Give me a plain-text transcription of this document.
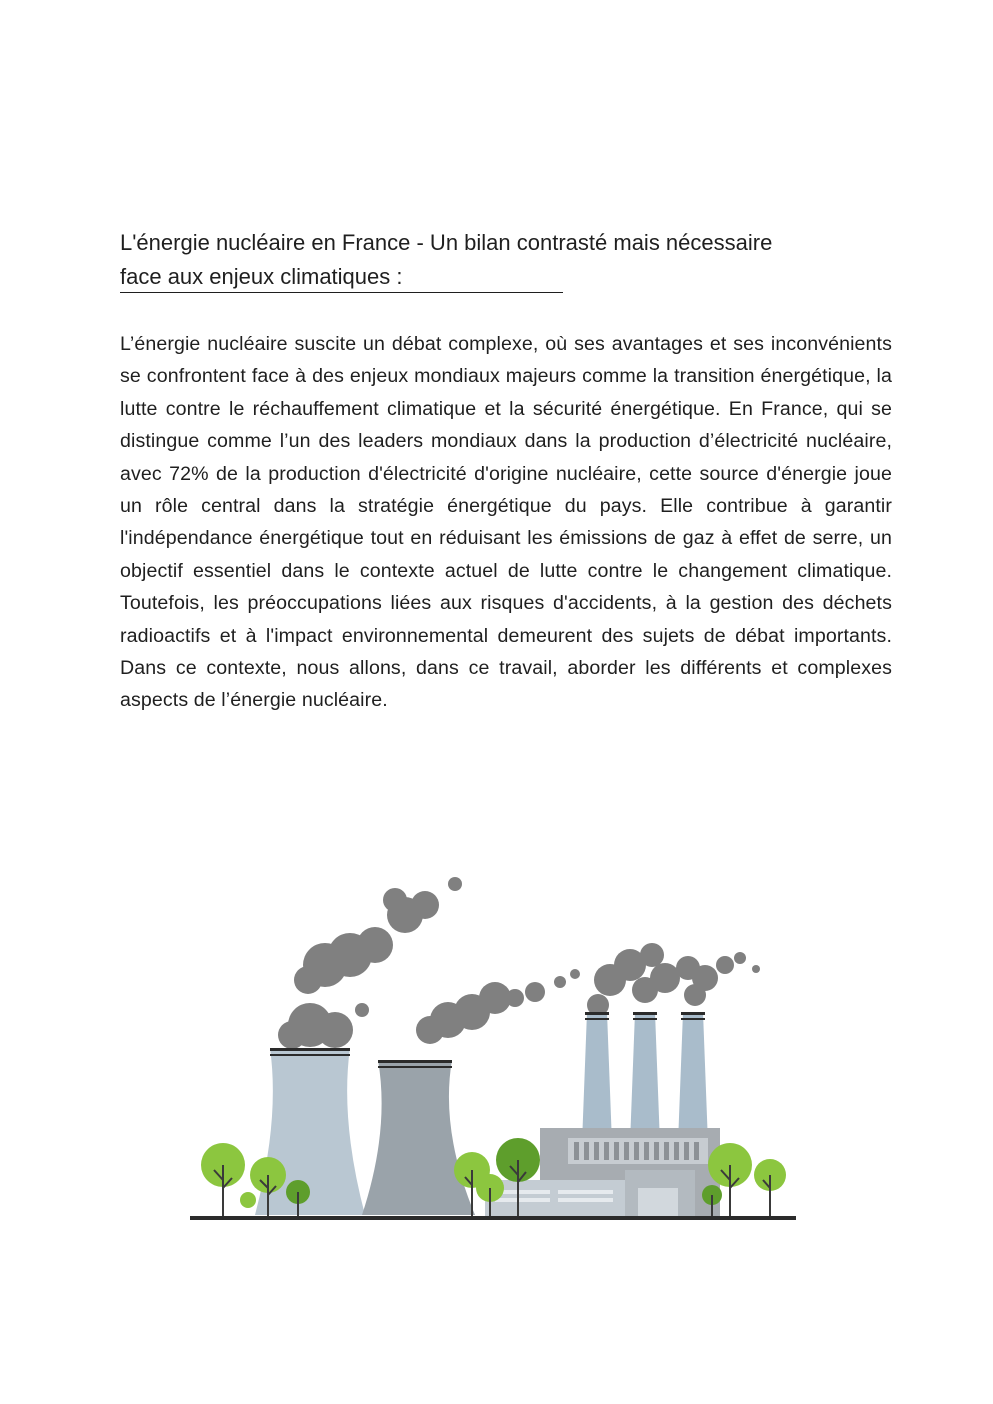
L'énergie nucléaire en France - Un bilan contrasté mais nécessaire
face aux enjeux climatiques :

L’énergie nucléaire suscite un débat complexe, où ses avantages et ses inconvénients se confrontent face à des enjeux mondiaux majeurs comme la transition énergétique, la lutte contre le réchauffement climatique et la sécurité énergétique. En France, qui se distingue comme l’un des leaders mondiaux dans la production d’électricité nucléaire, avec 72% de la production d'électricité d'origine nucléaire, cette source d'énergie joue un rôle central dans la stratégie énergétique du pays. Elle contribue à garantir l'indépendance énergétique tout en réduisant les émissions de gaz à effet de serre, un objectif essentiel dans le contexte actuel de lutte contre le changement climatique. Toutefois, les préoccupations liées aux risques d'accidents, à la gestion des déchets radioactifs et à l'impact environnemental demeurent des sujets de débat importants. Dans ce contexte, nous allons, dans ce travail, aborder les différents et complexes aspects de l’énergie nucléaire.
